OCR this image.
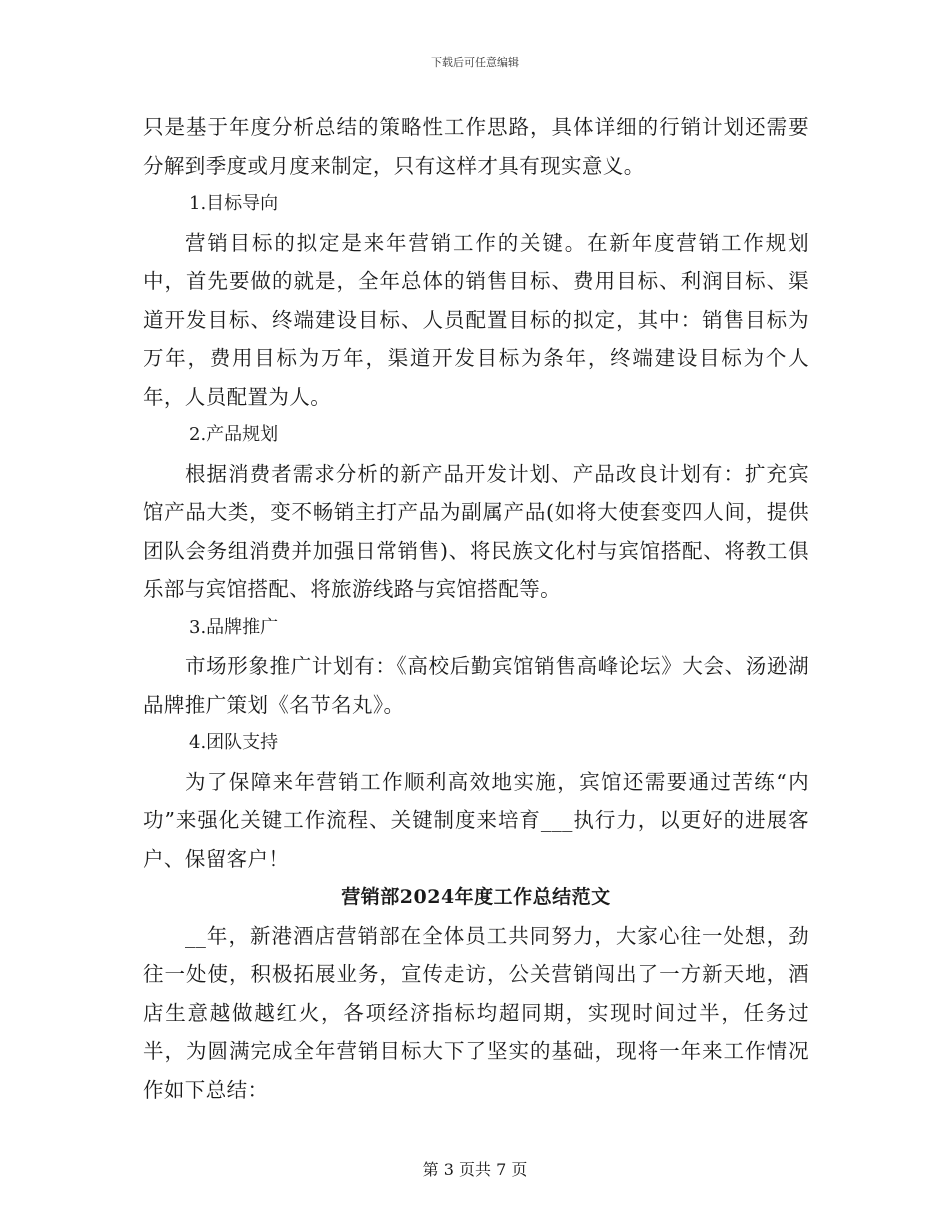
下载后可任意编辑

只是基于年度分析总结的策略性工作思路，具体详细的行销计划还需要分解到季度或月度来制定，只有这样才具有现实意义。

1.目标导向

营销目标的拟定是来年营销工作的关键。在新年度营销工作规划中，首先要做的就是，全年总体的销售目标、费用目标、利润目标、渠道开发目标、终端建设目标、人员配置目标的拟定，其中：销售目标为万年，费用目标为万年，渠道开发目标为条年，终端建设目标为个人年，人员配置为人。

2.产品规划

根据消费者需求分析的新产品开发计划、产品改良计划有：扩充宾馆产品大类，变不畅销主打产品为副属产品(如将大使套变四人间，提供团队会务组消费并加强日常销售)、将民族文化村与宾馆搭配、将教工俱乐部与宾馆搭配、将旅游线路与宾馆搭配等。

3.品牌推广

市场形象推广计划有：《高校后勤宾馆销售高峰论坛》大会、汤逊湖品牌推广策划《名节名丸》。

4.团队支持

为了保障来年营销工作顺利高效地实施，宾馆还需要通过苦练“内功”来强化关键工作流程、关键制度来培育___执行力，以更好的进展客户、保留客户！

营销部2024年度工作总结范文

__年，新港酒店营销部在全体员工共同努力，大家心往一处想，劲往一处使，积极拓展业务，宣传走访，公关营销闯出了一方新天地，酒店生意越做越红火，各项经济指标均超同期，实现时间过半，任务过半，为圆满完成全年营销目标大下了坚实的基础，现将一年来工作情况作如下总结：

第 3 页共 7 页
